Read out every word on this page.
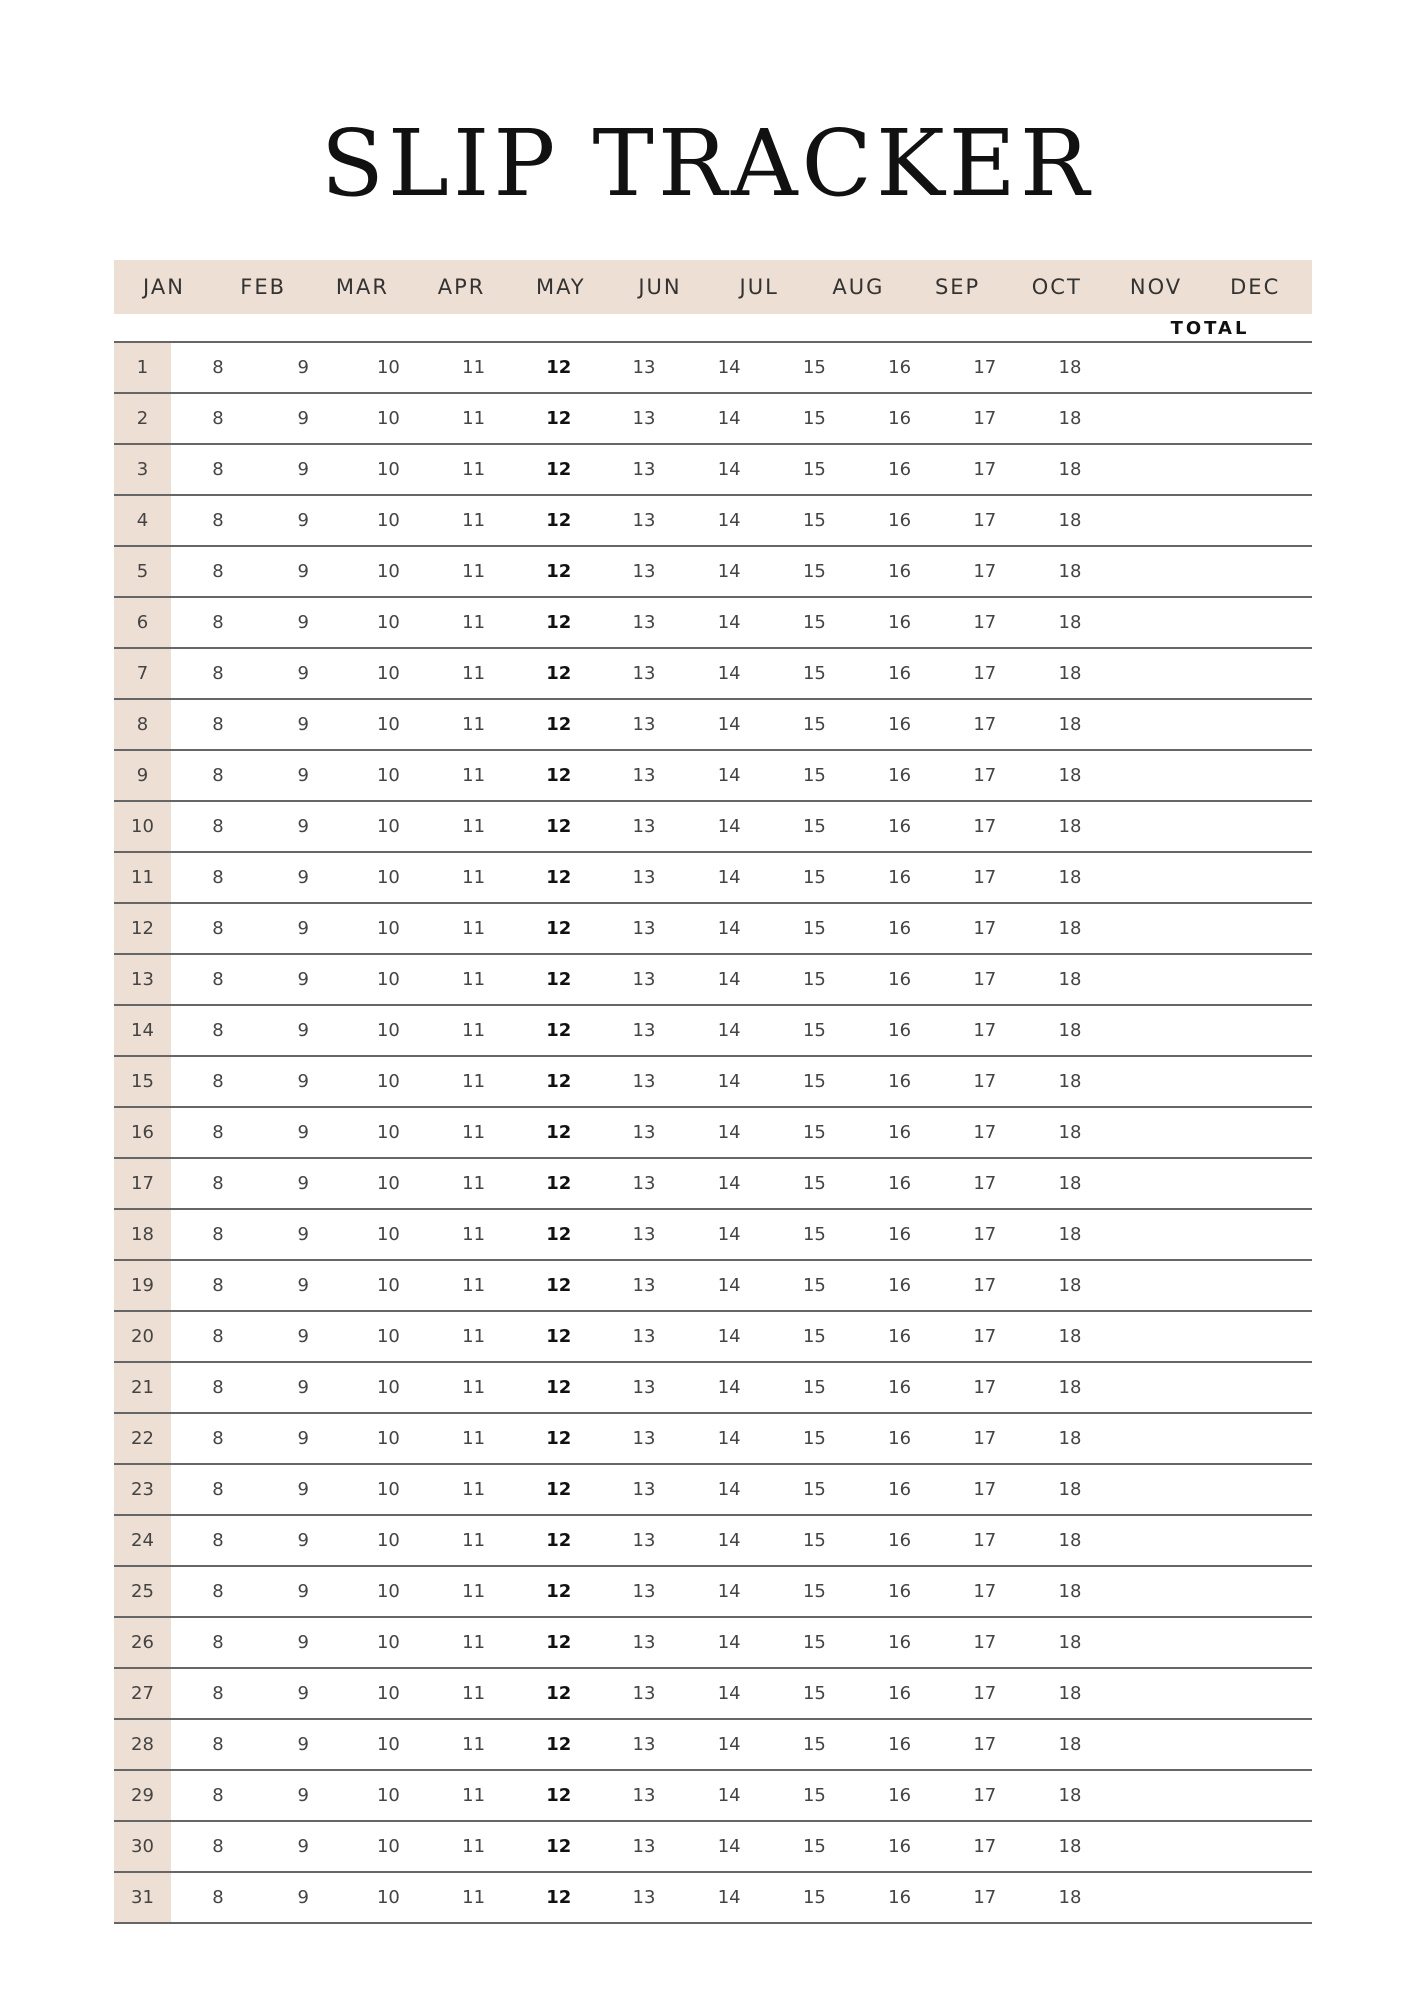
SLIP TRACKER
JAN	FEB	MAR	APR	MAY	JUN	JUL	AUG	SEP	OCT	NOV	DEC
TOTAL
1	8	9	10	11	12	13	14	15	16	17	18
2	8	9	10	11	12	13	14	15	16	17	18
3	8	9	10	11	12	13	14	15	16	17	18
4	8	9	10	11	12	13	14	15	16	17	18
5	8	9	10	11	12	13	14	15	16	17	18
6	8	9	10	11	12	13	14	15	16	17	18
7	8	9	10	11	12	13	14	15	16	17	18
8	8	9	10	11	12	13	14	15	16	17	18
9	8	9	10	11	12	13	14	15	16	17	18
10	8	9	10	11	12	13	14	15	16	17	18
11	8	9	10	11	12	13	14	15	16	17	18
12	8	9	10	11	12	13	14	15	16	17	18
13	8	9	10	11	12	13	14	15	16	17	18
14	8	9	10	11	12	13	14	15	16	17	18
15	8	9	10	11	12	13	14	15	16	17	18
16	8	9	10	11	12	13	14	15	16	17	18
17	8	9	10	11	12	13	14	15	16	17	18
18	8	9	10	11	12	13	14	15	16	17	18
19	8	9	10	11	12	13	14	15	16	17	18
20	8	9	10	11	12	13	14	15	16	17	18
21	8	9	10	11	12	13	14	15	16	17	18
22	8	9	10	11	12	13	14	15	16	17	18
23	8	9	10	11	12	13	14	15	16	17	18
24	8	9	10	11	12	13	14	15	16	17	18
25	8	9	10	11	12	13	14	15	16	17	18
26	8	9	10	11	12	13	14	15	16	17	18
27	8	9	10	11	12	13	14	15	16	17	18
28	8	9	10	11	12	13	14	15	16	17	18
29	8	9	10	11	12	13	14	15	16	17	18
30	8	9	10	11	12	13	14	15	16	17	18
31	8	9	10	11	12	13	14	15	16	17	18
